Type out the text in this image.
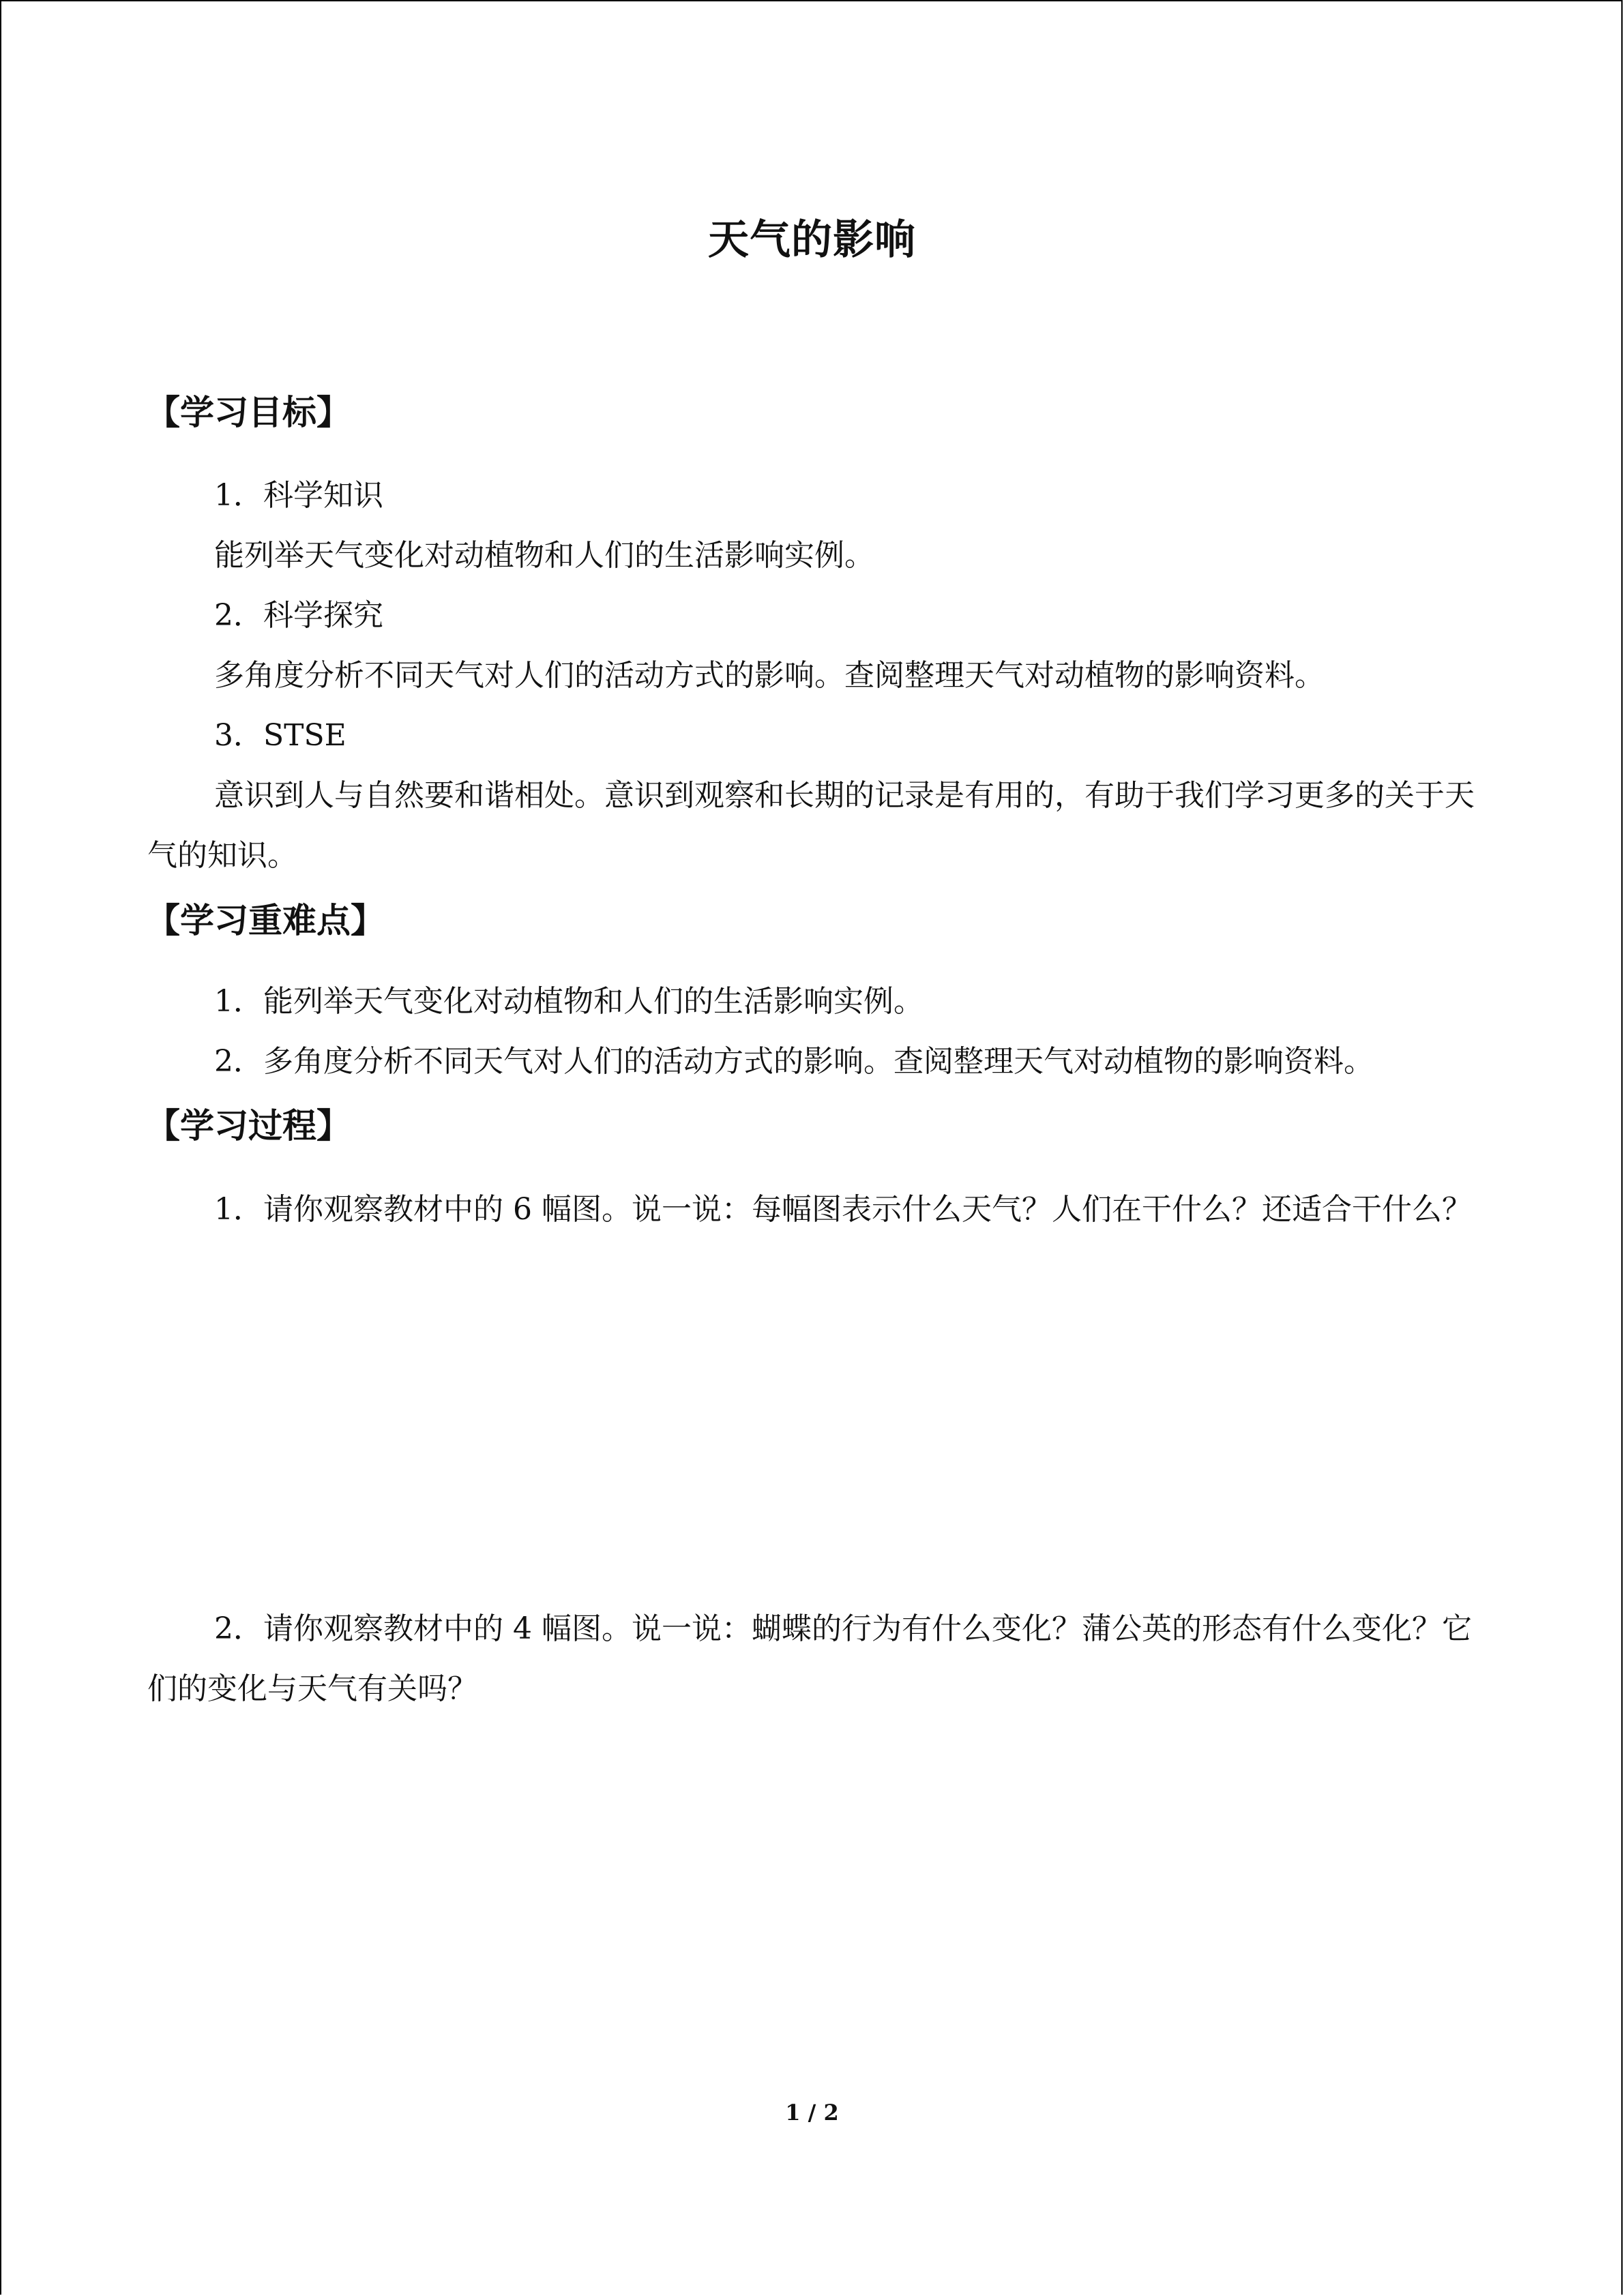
天气的影响
【学习目标】
1．科学知识
能列举天气变化对动植物和人们的生活影响实例。
2．科学探究
多角度分析不同天气对人们的活动方式的影响。查阅整理天气对动植物的影响资料。
3．STSE
意识到人与自然要和谐相处。意识到观察和长期的记录是有用的，有助于我们学习更多的关于天气的知识。
【学习重难点】
1．能列举天气变化对动植物和人们的生活影响实例。
2．多角度分析不同天气对人们的活动方式的影响。查阅整理天气对动植物的影响资料。
【学习过程】
1．请你观察教材中的 6 幅图。说一说：每幅图表示什么天气？人们在干什么？还适合干什么？
2．请你观察教材中的 4 幅图。说一说：蝴蝶的行为有什么变化？蒲公英的形态有什么变化？它们的变化与天气有关吗？
1 / 2
